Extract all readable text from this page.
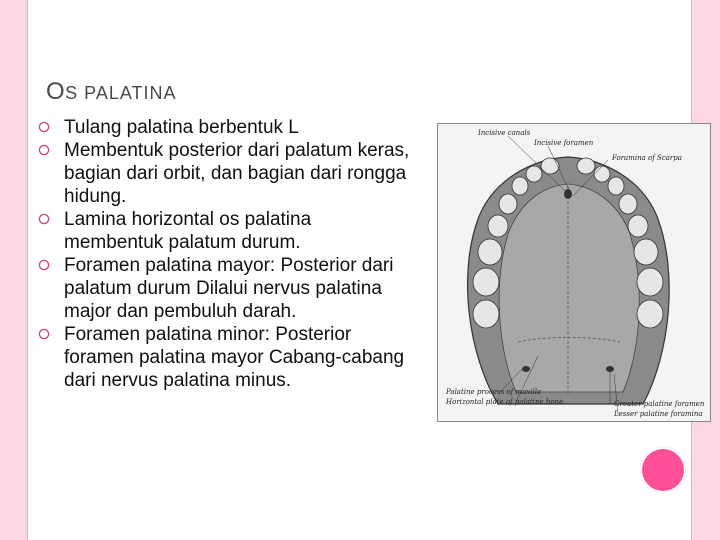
OS PALATINA
Tulang palatina berbentuk L
Membentuk posterior dari palatum keras, bagian dari orbit, dan bagian dari rongga hidung.
Lamina horizontal os palatina membentuk palatum durum.
Foramen palatina mayor: Posterior dari palatum durum Dilalui nervus palatina major dan pembuluh darah.
Foramen palatina minor: Posterior foramen palatina mayor Cabang-cabang dari nervus palatina minus.
Incisive canals
Incisive foramen
Foramina of Scarpa
Palatine process of maxilla
Horizontal plate of palatine bone	Greater palatine foramen
Lesser palatine foramina
